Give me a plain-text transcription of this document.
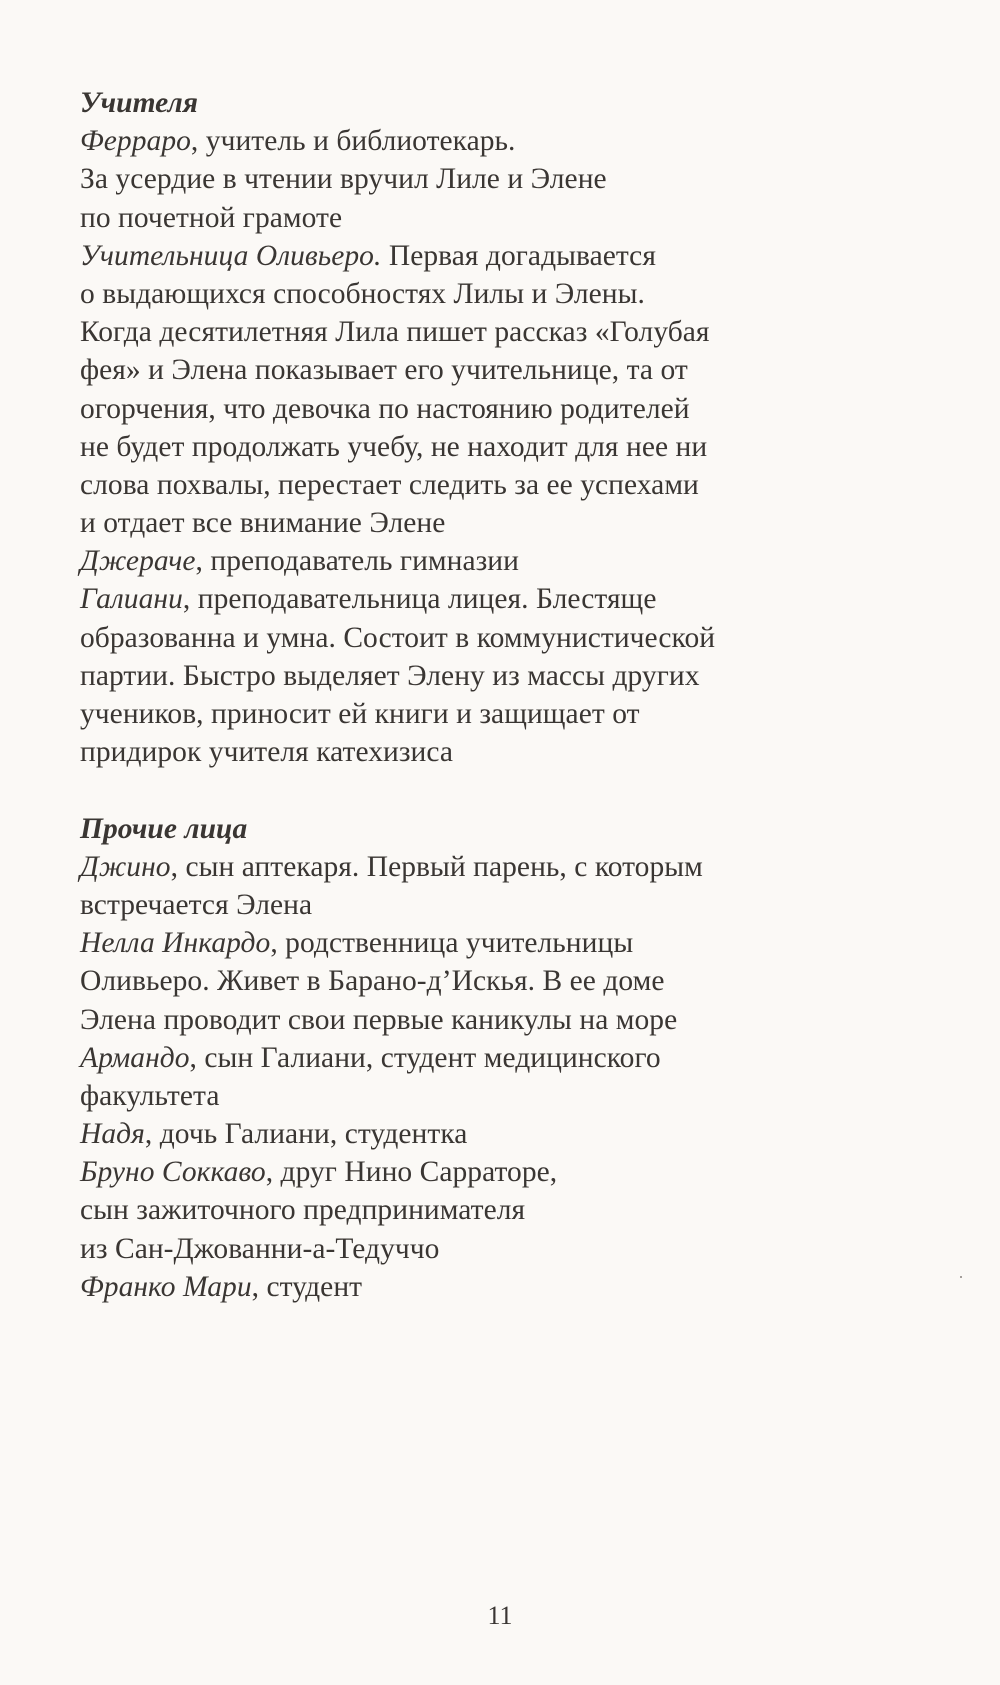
Учителя
Феррарo, учитель и библиотекарь.
За усердие в чтении вручил Лиле и Элене
по почетной грамоте
Учительница Оливьеро. Первая догадывается
о выдающихся способностях Лилы и Элены.
Когда десятилетняя Лила пишет рассказ «Голубая
фея» и Элена показывает его учительнице, та от
огорчения, что девочка по настоянию родителей
не будет продолжать учебу, не находит для нее ни
слова похвалы, перестает следить за ее успехами
и отдает все внимание Элене
Джераче, преподаватель гимназии
Галиани, преподавательница лицея. Блестяще
образованна и умна. Состоит в коммунистической
партии. Быстро выделяет Элену из массы других
учеников, приносит ей книги и защищает от
придирок учителя катехизиса
Прочие лица
Джино, сын аптекаря. Первый парень, с которым
встречается Элена
Нелла Инкардо, родственница учительницы
Оливьеро. Живет в Барано-д’Искья. В ее доме
Элена проводит свои первые каникулы на море
Армандо, сын Галиани, студент медицинского
факультета
Надя, дочь Галиани, студентка
Бруно Соккаво, друг Нино Сарраторе,
сын зажиточного предпринимателя
из Сан-Джованни-а-Тедуччо
Франко Мари, студент
11
